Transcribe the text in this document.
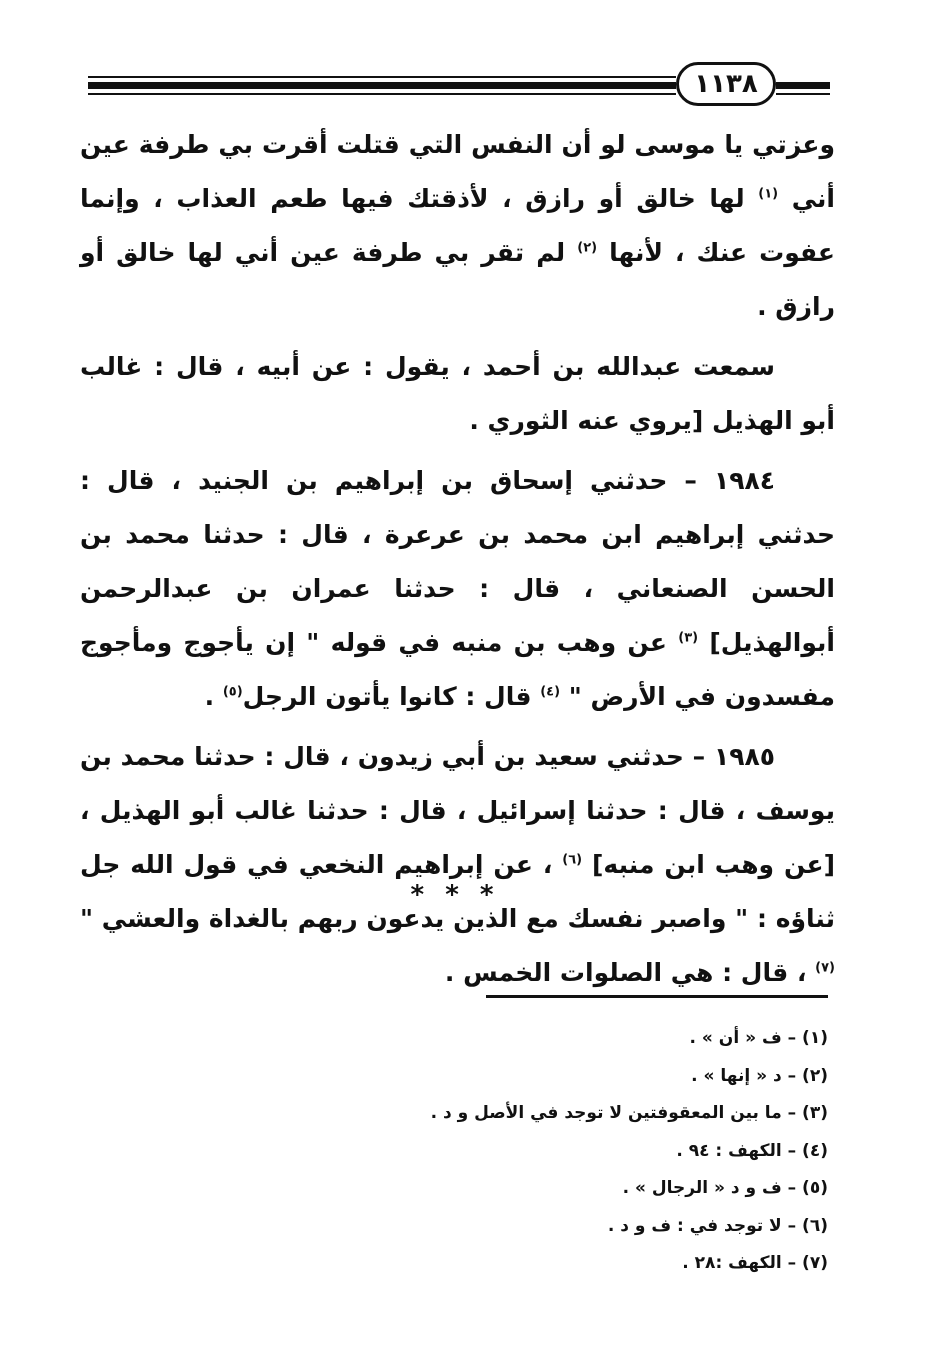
١١٣٨

وعزتي يا موسى لو أن النفس التي قتلت أقرت بي طرفة عين أني $^{(١)}$ لها خالق أو رازق ، لأذقتك فيها طعم العذاب ، وإنما عفوت عنك ، لأنها $^{(٢)}$ لم تقر بي طرفة عين أني لها خالق أو رازق .

سمعت عبدالله بن أحمد ، يقول : عن أبيه ، قال : غالب أبو الهذيل [يروي عنه الثوري .

١٩٨٤ – حدثني إسحاق بن إبراهيم بن الجنيد ، قال : حدثني إبراهيم ابن محمد بن عرعرة ، قال : حدثنا محمد بن الحسن الصنعاني ، قال : حدثنا عمران بن عبدالرحمن أبوالهذيل] $^{(٣)}$ عن وهب بن منبه في قوله " إن يأجوج ومأجوج مفسدون في الأرض " $^{(٤)}$ قال : كانوا يأتون الرجل$^{(٥)}$ .

١٩٨٥ – حدثني سعيد بن أبي زيدون ، قال : حدثنا محمد بن يوسف ، قال : حدثنا إسرائيل ، قال : حدثنا غالب أبو الهذيل ، [عن وهب ابن منبه] $^{(٦)}$ ، عن إبراهيم النخعي في قول الله جل ثناؤه : " واصبر نفسك مع الذين يدعون ربهم بالغداة والعشي " $^{(٧)}$ ، قال : هي الصلوات الخمس .

* * *
(١) – ف « أن » .
(٢) – د « إنها » .
(٣) – ما بين المعقوفتين لا توجد في الأصل و د .
(٤) – الكهف : ٩٤ .
(٥) – ف و د « الرجال » .
(٦) – لا توجد في : ف و د .
(٧) – الكهف :٢٨ .
